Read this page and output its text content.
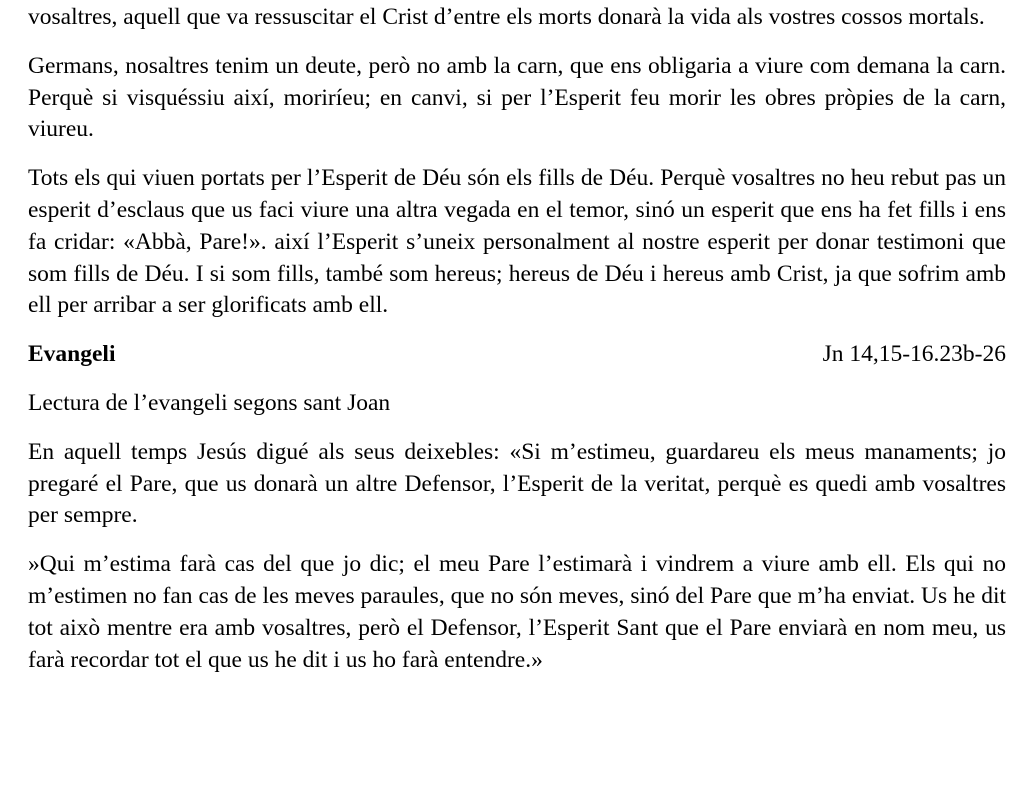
vosaltres, aquell que va ressuscitar el Crist d’entre els morts donarà la vida als vostres cossos mortals.

Germans, nosaltres tenim un deute, però no amb la carn, que ens obligaria a viure com demana la carn. Perquè si visquéssiu així, moriríeu; en canvi, si per l’Esperit feu morir les obres pròpies de la carn, viureu.

Tots els qui viuen portats per l’Esperit de Déu són els fills de Déu. Perquè vosaltres no heu rebut pas un esperit d’esclaus que us faci viure una altra vegada en el temor, sinó un esperit que ens ha fet fills i ens fa cridar: «Abbà, Pare!». així l’Esperit s’uneix personalment al nostre esperit per donar testimoni que som fills de Déu. I si som fills, també som hereus; hereus de Déu i hereus amb Crist, ja que sofrim amb ell per arribar a ser glorificats amb ell.

Evangeli	Jn 14,15-16.23b-26

Lectura de l’evangeli segons sant Joan

En aquell temps Jesús digué als seus deixebles: «Si m’estimeu, guardareu els meus manaments; jo pregaré el Pare, que us donarà un altre Defensor, l’Esperit de la veritat, perquè es quedi amb vosaltres per sempre.

»Qui m’estima farà cas del que jo dic; el meu Pare l’estimarà i vindrem a viure amb ell. Els qui no m’estimen no fan cas de les meves paraules, que no són meves, sinó del Pare que m’ha enviat. Us he dit tot això mentre era amb vosaltres, però el Defensor, l’Esperit Sant que el Pare enviarà en nom meu, us farà recordar tot el que us he dit i us ho farà entendre.»
